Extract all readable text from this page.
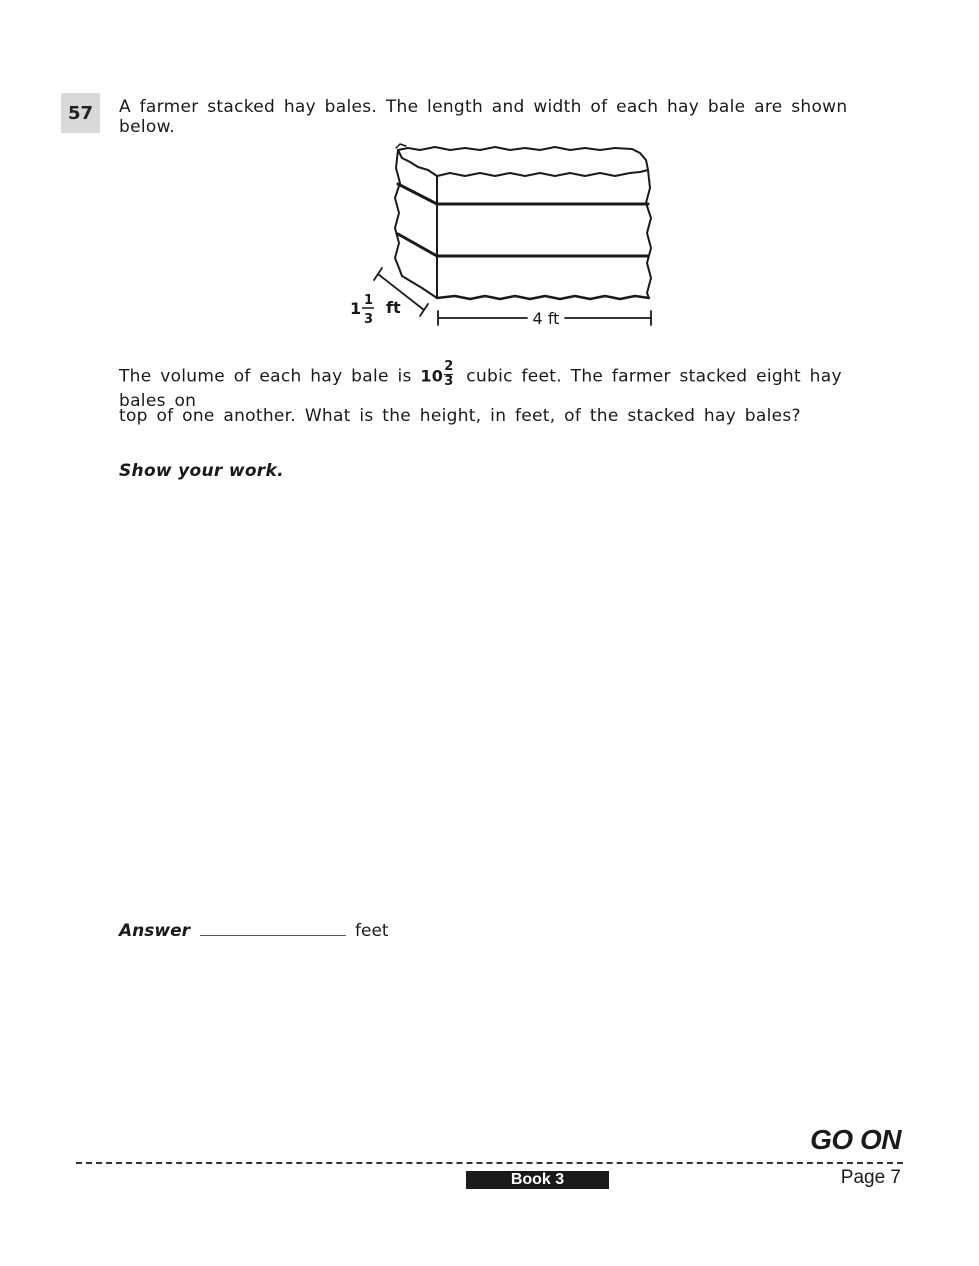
57	A farmer stacked hay bales. The length and width of each hay bale are shown below.
1 1
3
ft
4 ft
The volume of each hay bale is $10 \frac{2}{3}$ cubic feet. The farmer stacked eight hay bales on
top of one another. What is the height, in feet, of the stacked hay bales?
Show your work.
Answer	feet
GO ON
Book 3	Page 7
